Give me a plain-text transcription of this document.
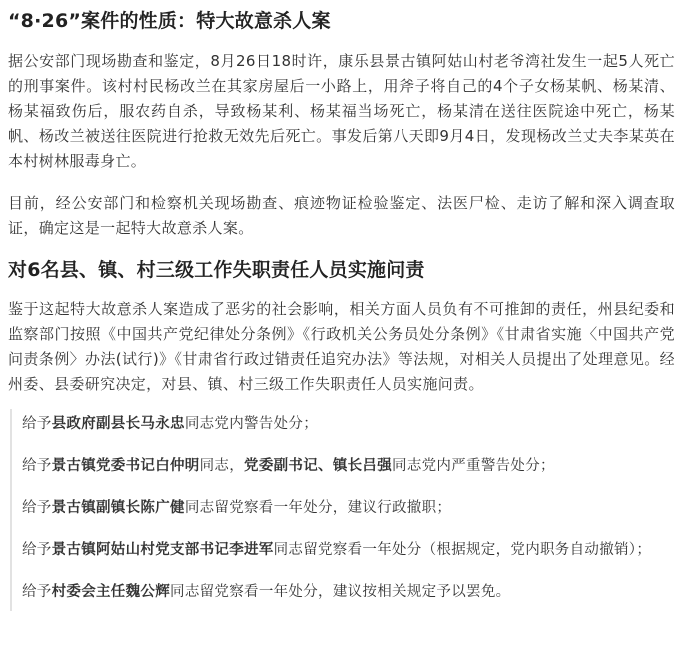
“8·26”案件的性质：特大故意杀人案

据公安部门现场勘查和鉴定，8月26日18时许，康乐县景古镇阿姑山村老爷湾社发生一起5人死亡的刑事案件。该村村民杨改兰在其家房屋后一小路上，用斧子将自己的4个子女杨某帆、杨某清、杨某福致伤后，服农药自杀，导致杨某利、杨某福当场死亡，杨某清在送往医院途中死亡，杨某帆、杨改兰被送往医院进行抢救无效先后死亡。事发后第八天即9月4日，发现杨改兰丈夫李某英在本村树林服毒身亡。

目前，经公安部门和检察机关现场勘查、痕迹物证检验鉴定、法医尸检、走访了解和深入调查取证，确定这是一起特大故意杀人案。

对6名县、镇、村三级工作失职责任人员实施问责

鉴于这起特大故意杀人案造成了恶劣的社会影响，相关方面人员负有不可推卸的责任，州县纪委和监察部门按照《中国共产党纪律处分条例》《行政机关公务员处分条例》《甘肃省实施〈中国共产党问责条例〉办法(试行)》《甘肃省行政过错责任追究办法》等法规，对相关人员提出了处理意见。经州委、县委研究决定，对县、镇、村三级工作失职责任人员实施问责。

给予县政府副县长马永忠同志党内警告处分；

给予景古镇党委书记白仲明同志，党委副书记、镇长吕强同志党内严重警告处分；

给予景古镇副镇长陈广健同志留党察看一年处分，建议行政撤职；

给予景古镇阿姑山村党支部书记李进军同志留党察看一年处分（根据规定，党内职务自动撤销）；

给予村委会主任魏公辉同志留党察看一年处分，建议按相关规定予以罢免。
